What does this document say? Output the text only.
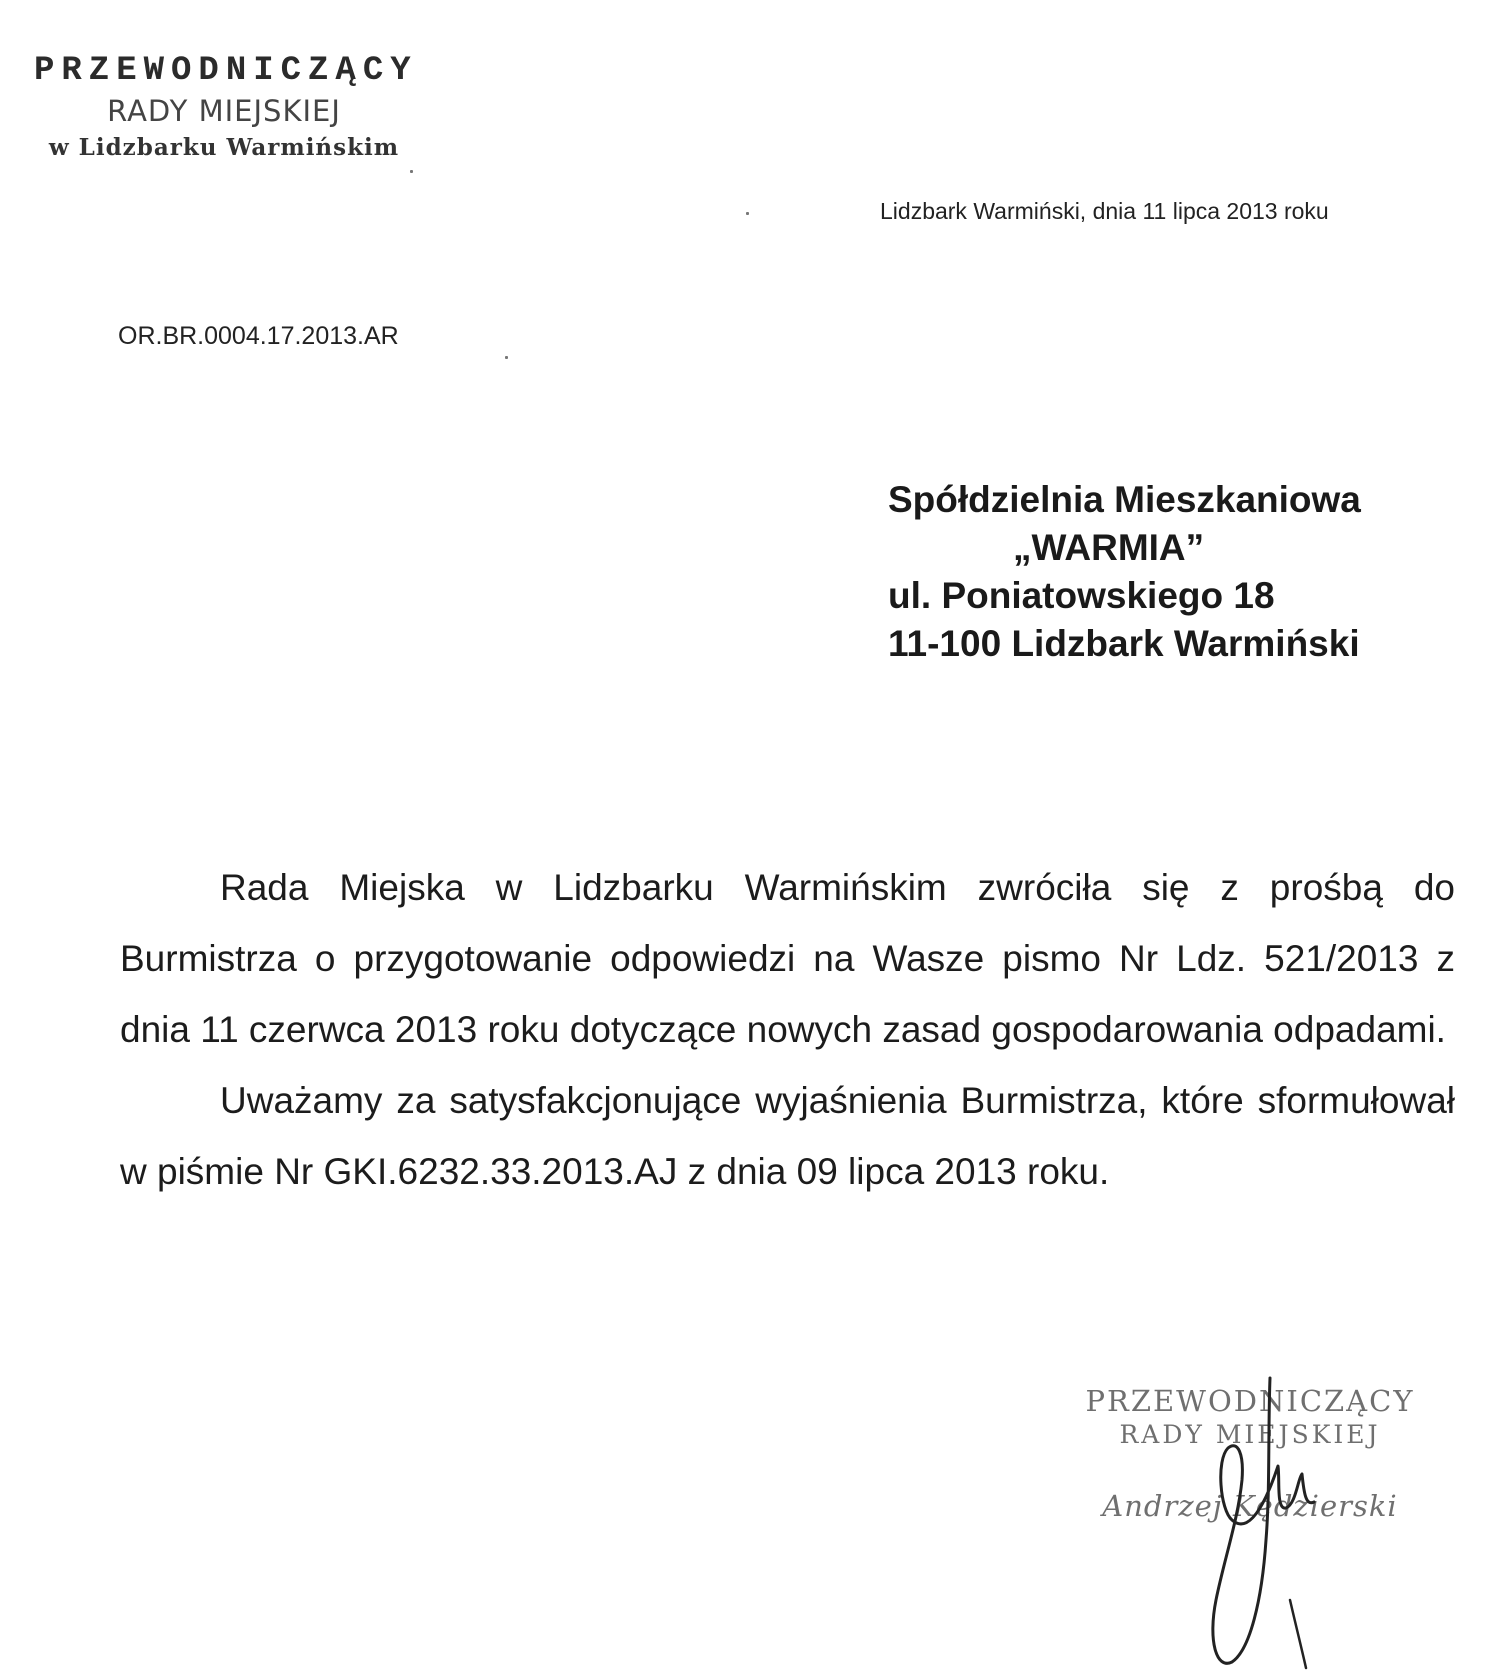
PRZEWODNICZĄCY
RADY MIEJSKIEJ
w Lidzbarku Warmińskim
Lidzbark Warmiński, dnia 11 lipca 2013 roku
OR.BR.0004.17.2013.AR
Spółdzielnia Mieszkaniowa
„WARMIA”
ul. Poniatowskiego 18
11-100 Lidzbark Warmiński

Rada Miejska w Lidzbarku Warmińskim zwróciła się z prośbą do Burmistrza o przygotowanie odpowiedzi na Wasze pismo Nr Ldz. 521/2013 z dnia 11 czerwca 2013 roku dotyczące nowych zasad gospodarowania odpadami.

Uważamy za satysfakcjonujące wyjaśnienia Burmistrza, które sformułował w piśmie Nr GKI.6232.33.2013.AJ z dnia 09 lipca 2013 roku.

PRZEWODNICZĄCY
RADY MIEJSKIEJ
Andrzej Kędzierski
